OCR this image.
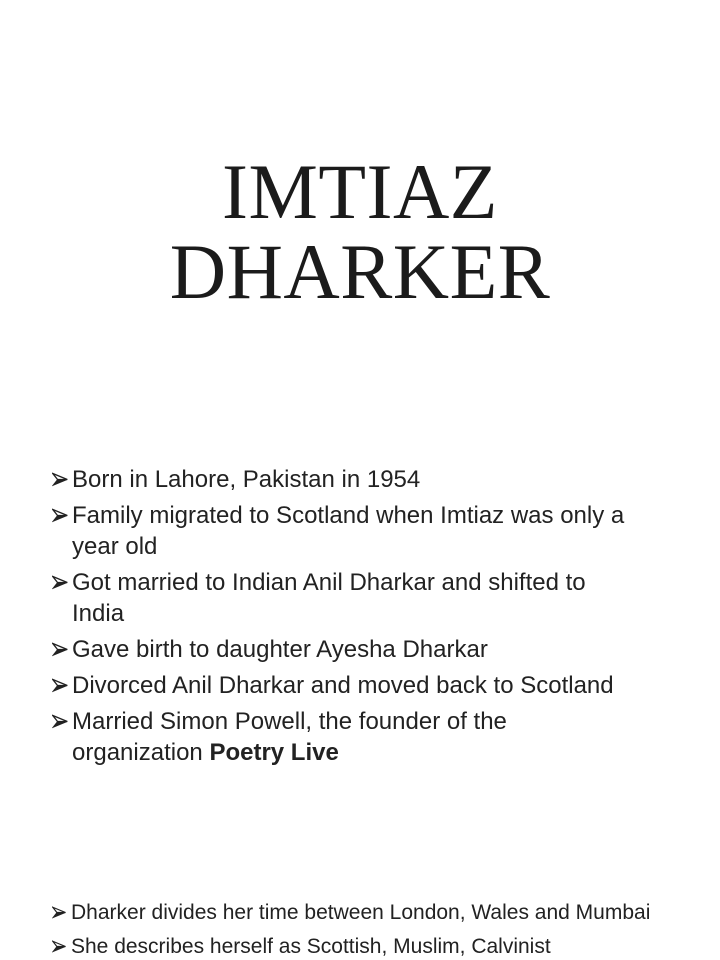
IMTIAZ
DHARKER
Born in Lahore, Pakistan in 1954
Family migrated to Scotland when Imtiaz was only a
year old
Got married to Indian Anil Dharkar and shifted to
India
Gave birth to daughter Ayesha Dharkar
Divorced Anil Dharkar and moved back to Scotland
Married Simon Powell, the founder of the
organization Poetry Live
Dharker divides her time between London, Wales and Mumbai
She describes herself as Scottish, Muslim, Calvinist
